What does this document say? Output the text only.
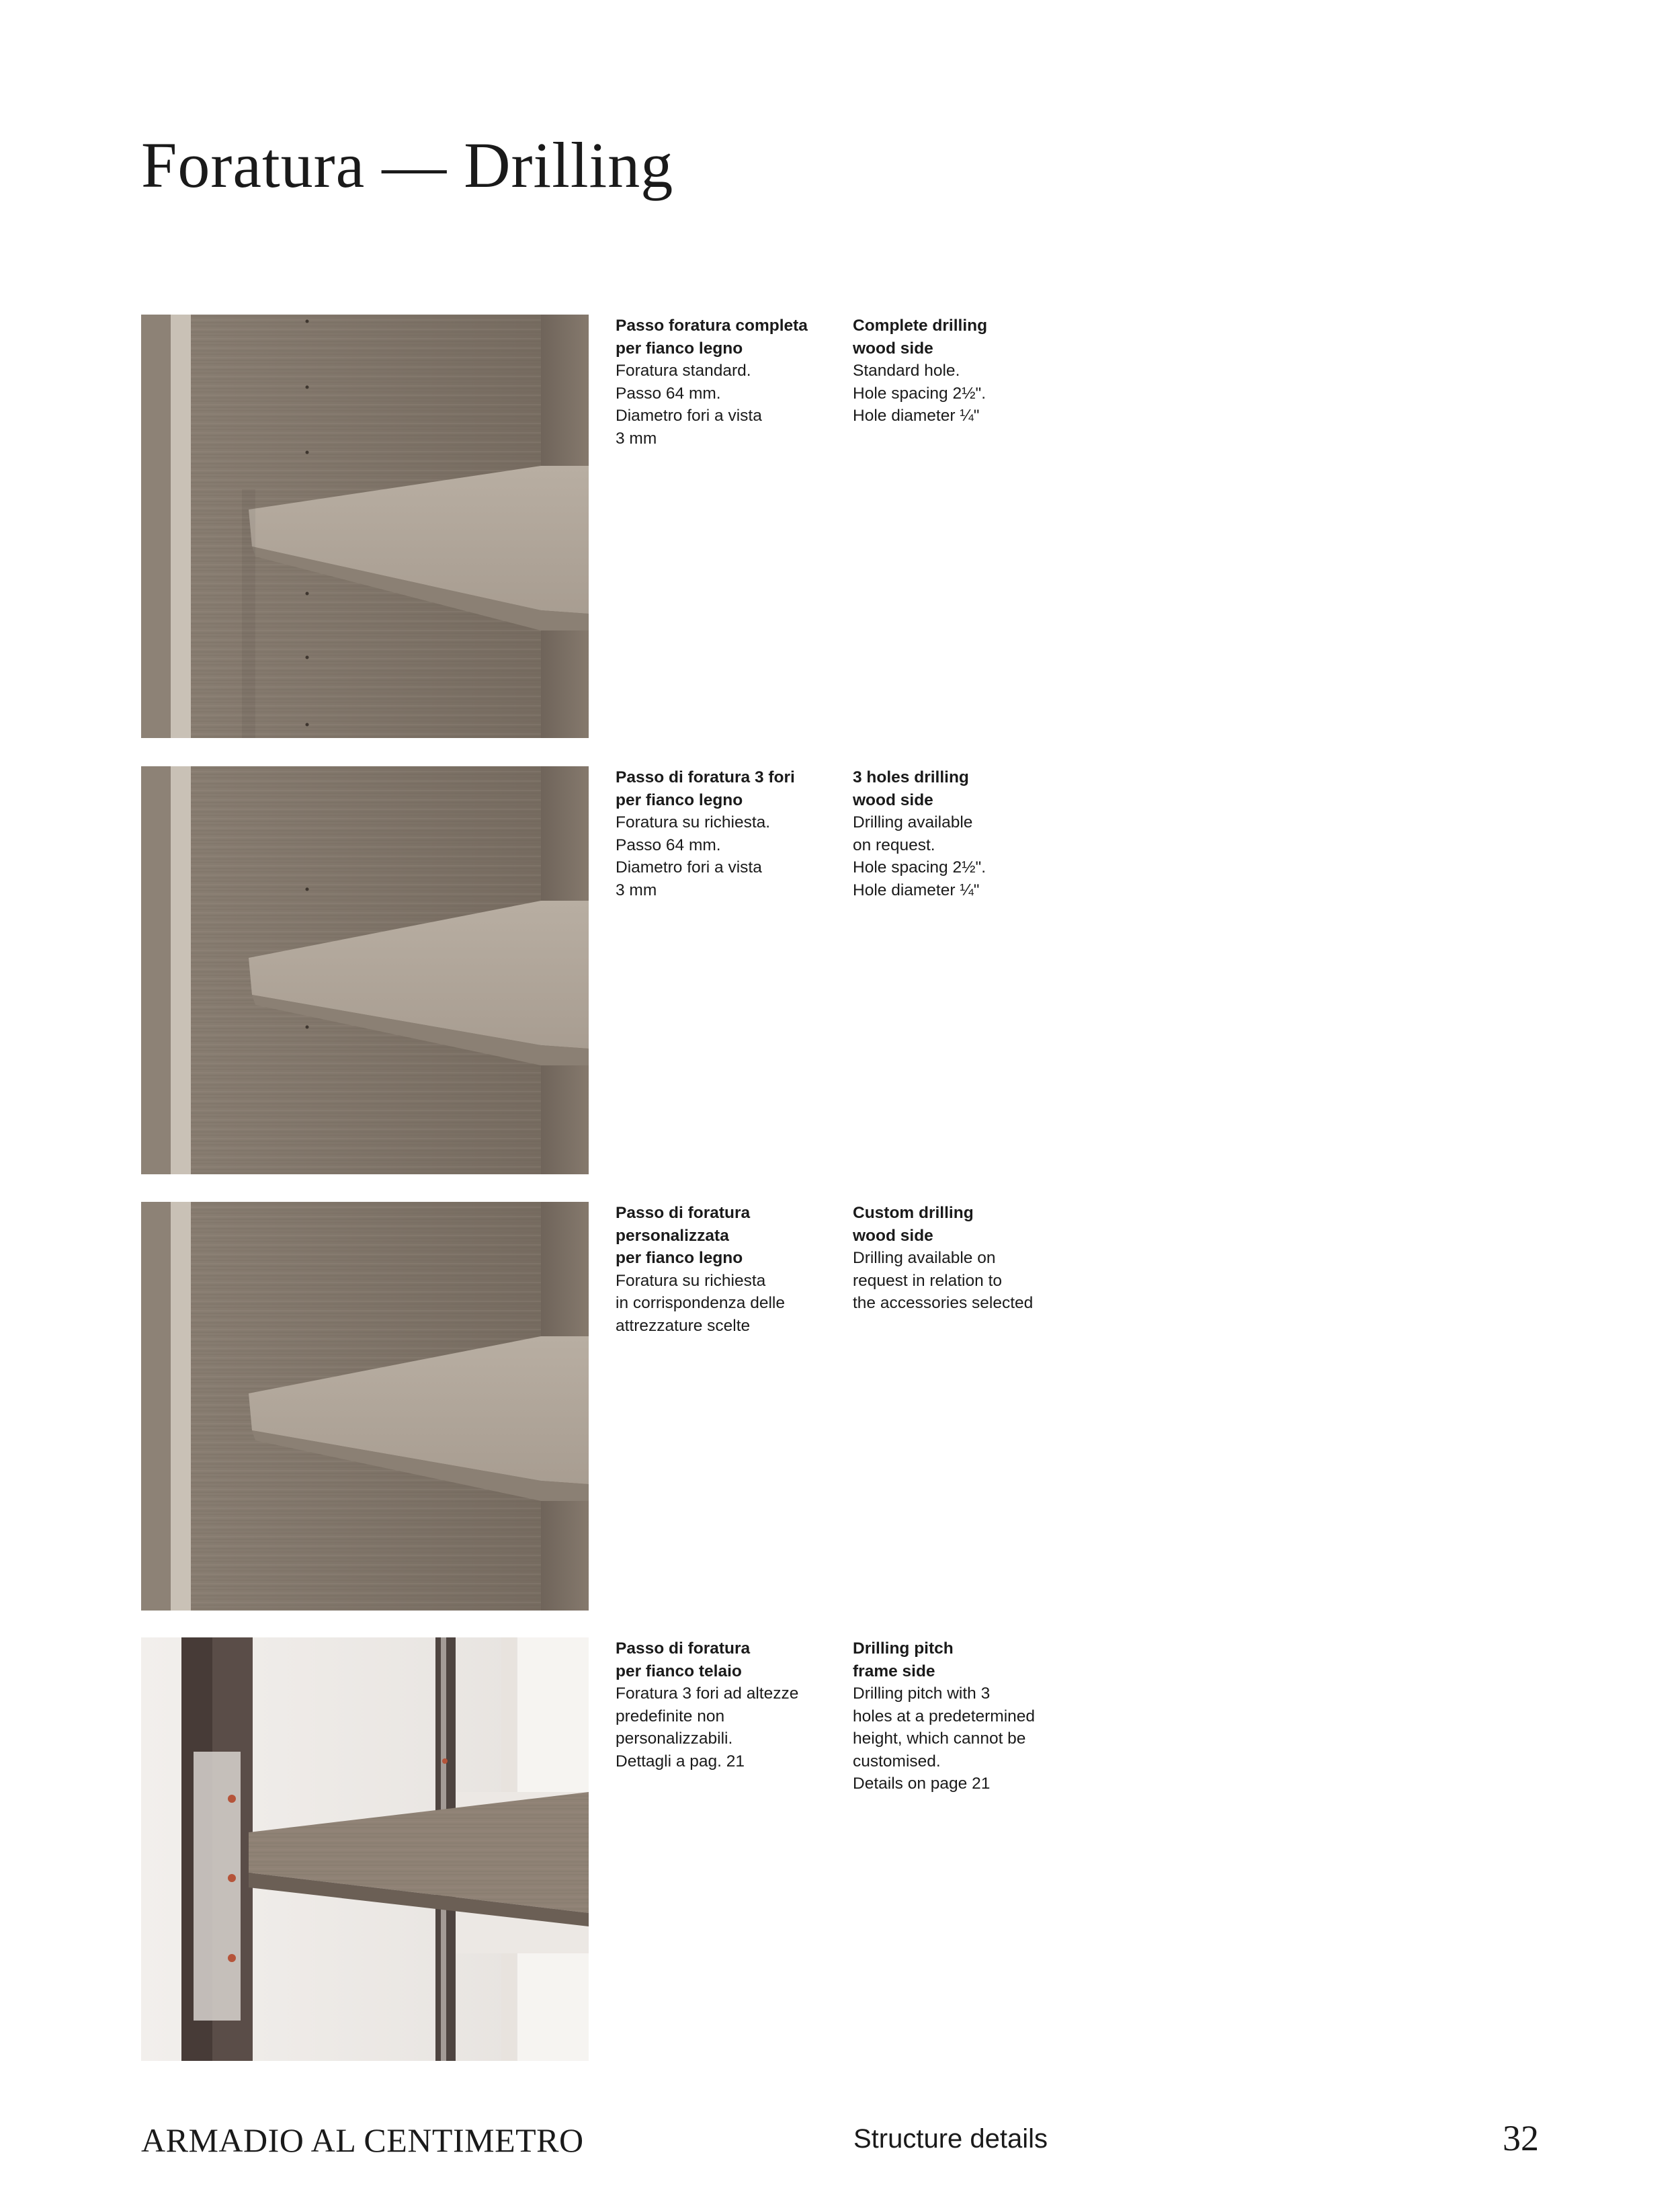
Foratura — Drilling
Passo foratura completa
per fianco legno
Foratura standard.
Passo 64 mm.
Diametro fori a vista
3 mm
Complete drilling
wood side
Standard hole.
Hole spacing 2½".
Hole diameter ¼"
Passo di foratura 3 fori
per fianco legno
Foratura su richiesta.
Passo 64 mm.
Diametro fori a vista
3 mm
3 holes drilling
wood side
Drilling available
on request.
Hole spacing 2½".
Hole diameter ¼"
Passo di foratura
personalizzata
per fianco legno
Foratura su richiesta
in corrispondenza delle
attrezzature scelte
Custom drilling
wood side
Drilling available on
request in relation to
the accessories selected
Passo di foratura
per fianco telaio
Foratura 3 fori ad altezze
predefinite non
personalizzabili.
Dettagli a pag. 21
Drilling pitch
frame side
Drilling pitch with 3
holes at a predetermined
height, which cannot be
customised.
Details on page 21
ARMADIO AL CENTIMETRO	Structure details	32
